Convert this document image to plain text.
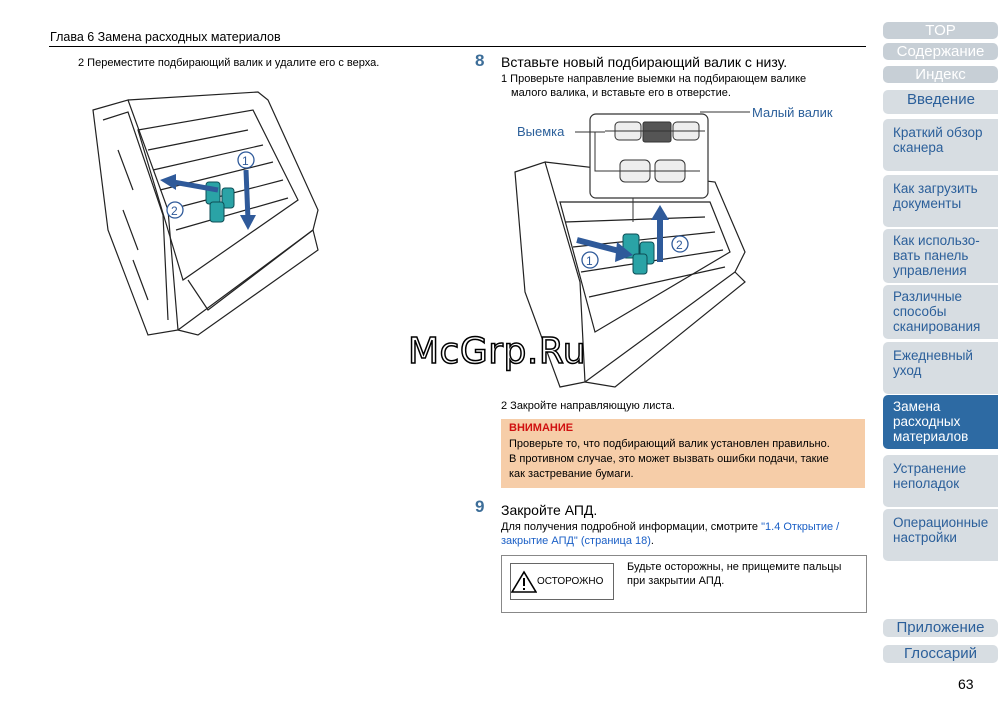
Глава 6 Замена расходных материалов
2 Переместите подбирающий валик и удалите его с верха.
1
2
8 Вставьте новый подбирающий валик с низу.
1 Проверьте направление выемки на подбирающем валике
малого валика, и вставьте его в отверстие.
Выемка
Малый валик
1
2
McGrp.Ru
2 Закройте направляющую листа.
ВНИМАНИЕ
Проверьте то, что подбирающий валик установлен правильно.
В противном случае, это может вызвать ошибки подачи, такие
как застревание бумаги.
9 Закройте АПД.
Для получения подробной информации, смотрите "1.4 Открытие /
закрытие АПД" (страница 18).
ОСТОРОЖНО
Будьте осторожны, не прищемите пальцы
при закрытии АПД.
TOP
Содержание
Индекс
Введение
Краткий обзор
сканера
Как загрузить
документы
Как использо-
вать панель
управления
Различные
способы
сканирования
Ежедневный
уход
Замена
расходных
материалов
Устранение
неполадок
Операционные
настройки
Приложение
Глоссарий
63
